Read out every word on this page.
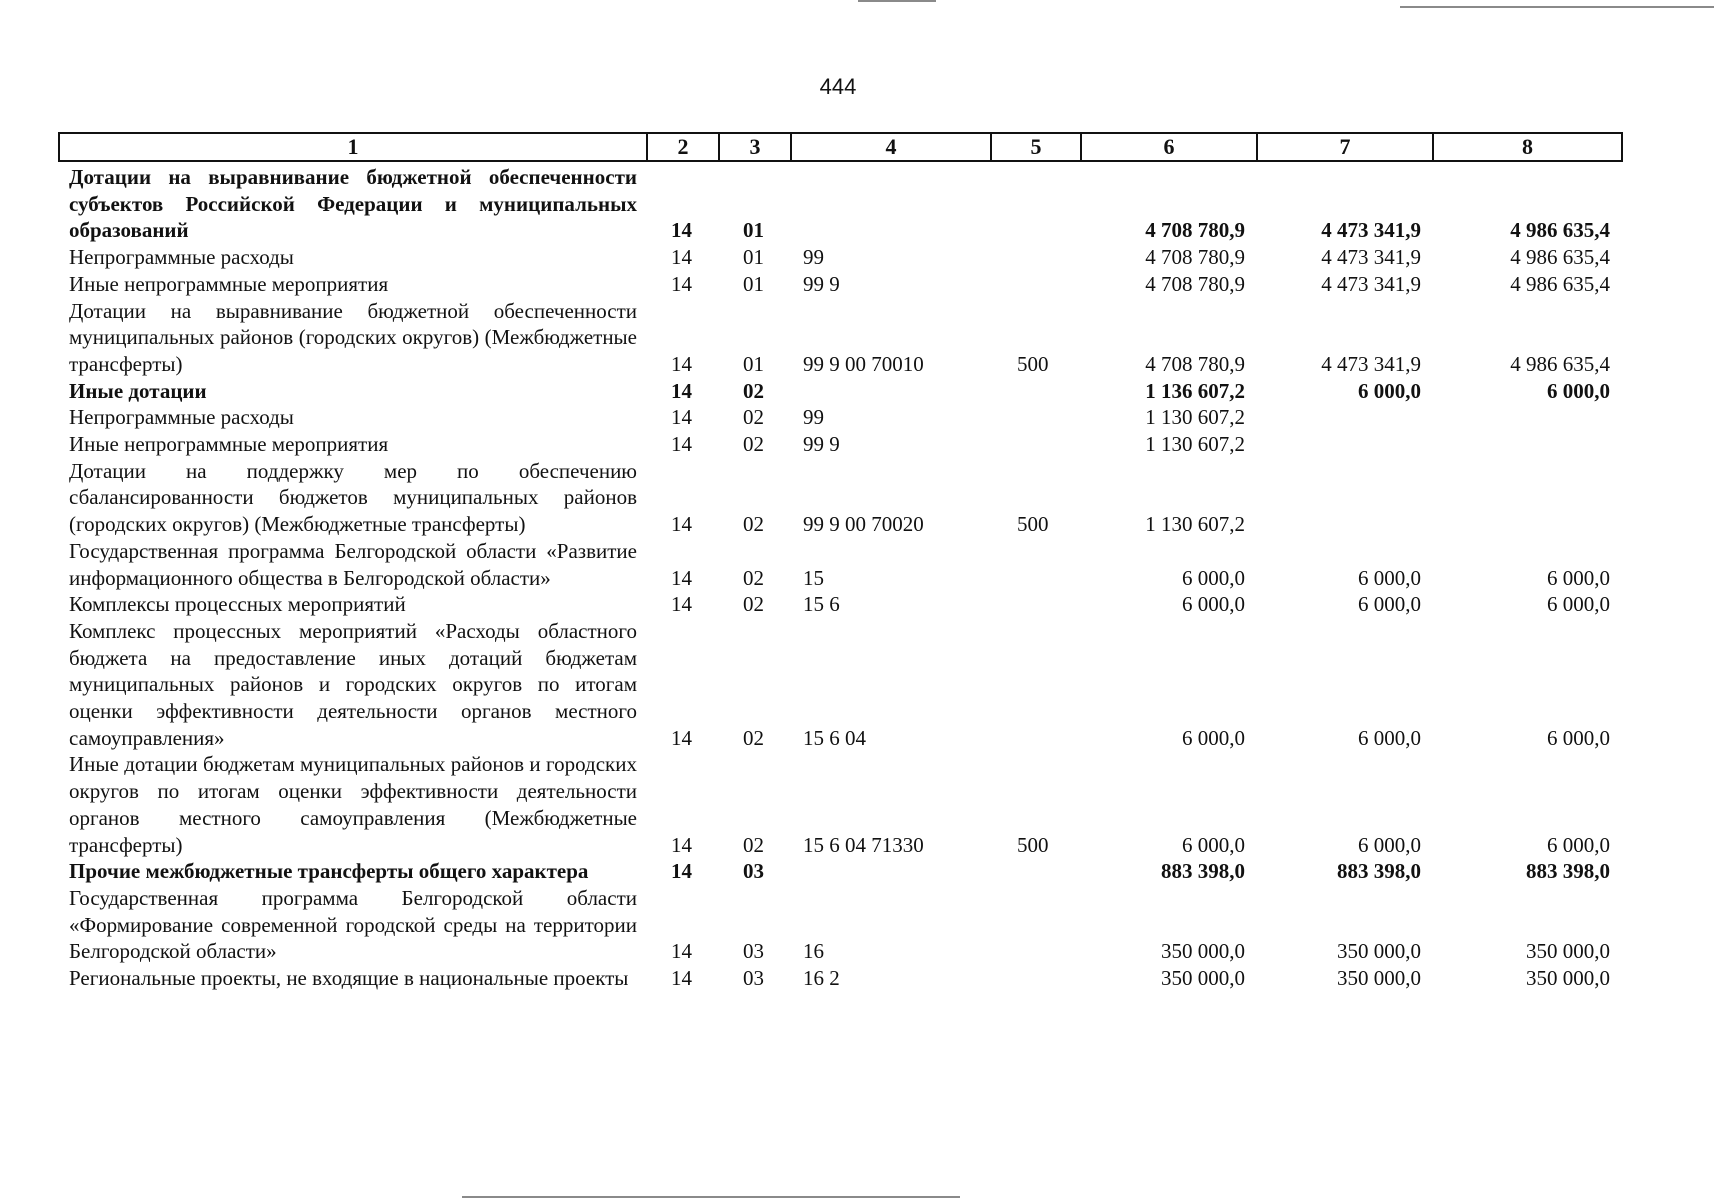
444
1	2	3	4	5	6	7	8
Дотации на выравнивание бюджетной обеспеченности субъектов Российской Федерации и муниципальных образований	14	01			4 708 780,9	4 473 341,9	4 986 635,4
Непрограммные расходы	14	01	99		4 708 780,9	4 473 341,9	4 986 635,4
Иные непрограммные мероприятия	14	01	99 9		4 708 780,9	4 473 341,9	4 986 635,4
Дотации на выравнивание бюджетной обеспеченности муниципальных районов (городских округов) (Межбюджетные трансферты)	14	01	99 9 00 70010	500	4 708 780,9	4 473 341,9	4 986 635,4
Иные дотации	14	02			1 136 607,2	6 000,0	6 000,0
Непрограммные расходы	14	02	99		1 130 607,2		
Иные непрограммные мероприятия	14	02	99 9		1 130 607,2		
Дотации на поддержку мер по обеспечению сбалансированности бюджетов муниципальных районов (городских округов) (Межбюджетные трансферты)	14	02	99 9 00 70020	500	1 130 607,2		
Государственная программа Белгородской области «Развитие информационного общества в Белгородской области»	14	02	15		6 000,0	6 000,0	6 000,0
Комплексы процессных мероприятий	14	02	15 6		6 000,0	6 000,0	6 000,0
Комплекс процессных мероприятий «Расходы областного бюджета на предоставление иных дотаций бюджетам муниципальных районов и городских округов по итогам оценки эффективности деятельности органов местного самоуправления»	14	02	15 6 04		6 000,0	6 000,0	6 000,0
Иные дотации бюджетам муниципальных районов и городских округов по итогам оценки эффективности деятельности органов местного самоуправления (Межбюджетные трансферты)	14	02	15 6 04 71330	500	6 000,0	6 000,0	6 000,0
Прочие межбюджетные трансферты общего характера	14	03			883 398,0	883 398,0	883 398,0
Государственная программа Белгородской области «Формирование современной городской среды на территории Белгородской области»	14	03	16		350 000,0	350 000,0	350 000,0
Региональные проекты, не входящие в национальные проекты	14	03	16 2		350 000,0	350 000,0	350 000,0
